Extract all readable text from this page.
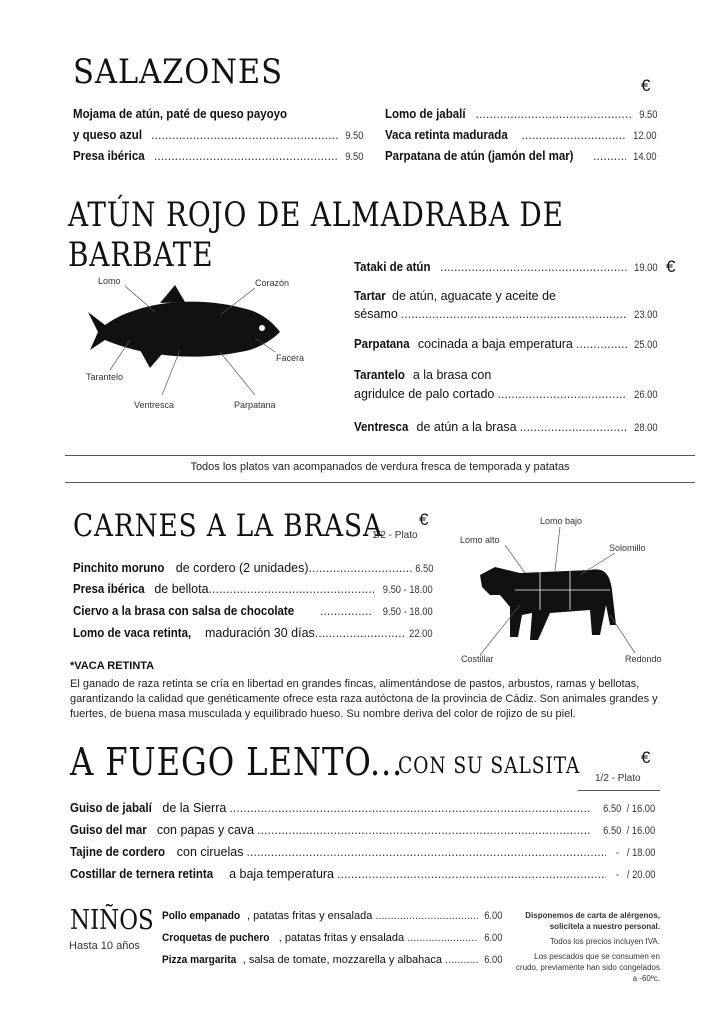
SALAZONES	€
Mojama de atún, paté de queso payoyo
y queso azul .....	9.50
Presa ibérica .....	9.50
Lomo de jabalí .....	9.50
Vaca retinta madurada .....	12.00
Parpatana de atún (jamón del mar) .....	14.00
ATÚN ROJO DE ALMADRABA DE BARBATE
Lomo	Corazón
Facera
Tarantelo
Ventresca	Parpatana
€
Tataki de atún .....	19.00
Tartar de atún, aguacate y aceite de
sésamo .....	23.00
Parpatana cocinada a baja emperatura .....	25.00
Tarantelo a la brasa con
agridulce de palo cortado .....	26.00
Ventresca de atún a la brasa .....	28.00
Todos los platos van acompanados de verdura fresca de temporada y patatas
CARNES A LA BRASA €
1/2 - Plato
Pinchito moruno de cordero (2 unidades) .....	6.50
Presa ibérica de bellota .....	9.50 - 18.00
Ciervo a la brasa con salsa de chocolate
.....	9.50 - 18.00
Lomo de vaca retinta, maduración 30 días .....	22.00
Lomo bajo
Lomo alto
Solomillo
Costillar	Redondo
*VACA RETINTA
El ganado de raza retinta se cría en libertad en grandes fincas, alimentándose de pastos, arbustos, ramas y bellotas, garantizando la calidad que genéticamente ofrece esta raza autóctona de la provincia de Cádiz. Son animales grandes y fuertes, de buena masa musculada y equilibrado hueso. Su nombre deriva del color de rojizo de su piel.
A FUEGO LENTO...
CON SU SALSITA	€
1/2 - Plato
Guiso de jabalí de la Sierra .....	6.50  / 16.00
Guiso del mar con papas y cava .....	6.50  / 16.00
Tajine de cordero con ciruelas .....	-   / 18.00
Costillar de ternera retinta a baja temperatura .....	-   / 20.00
NIÑOS
Hasta 10 años
Pollo empanado , patatas fritas y ensalada .....	6.00
Croquetas de puchero , patatas fritas y ensalada .....	6.00
Pizza margarita , salsa de tomate, mozzarella y albahaca .....	6.00
Disponemos de carta de alérgenos, solicítela a nuestro personal.
Todos los precios incluyen IVA.
Los pescados que se consumen en crudo, previamente han sido congelados a -60ºc.
